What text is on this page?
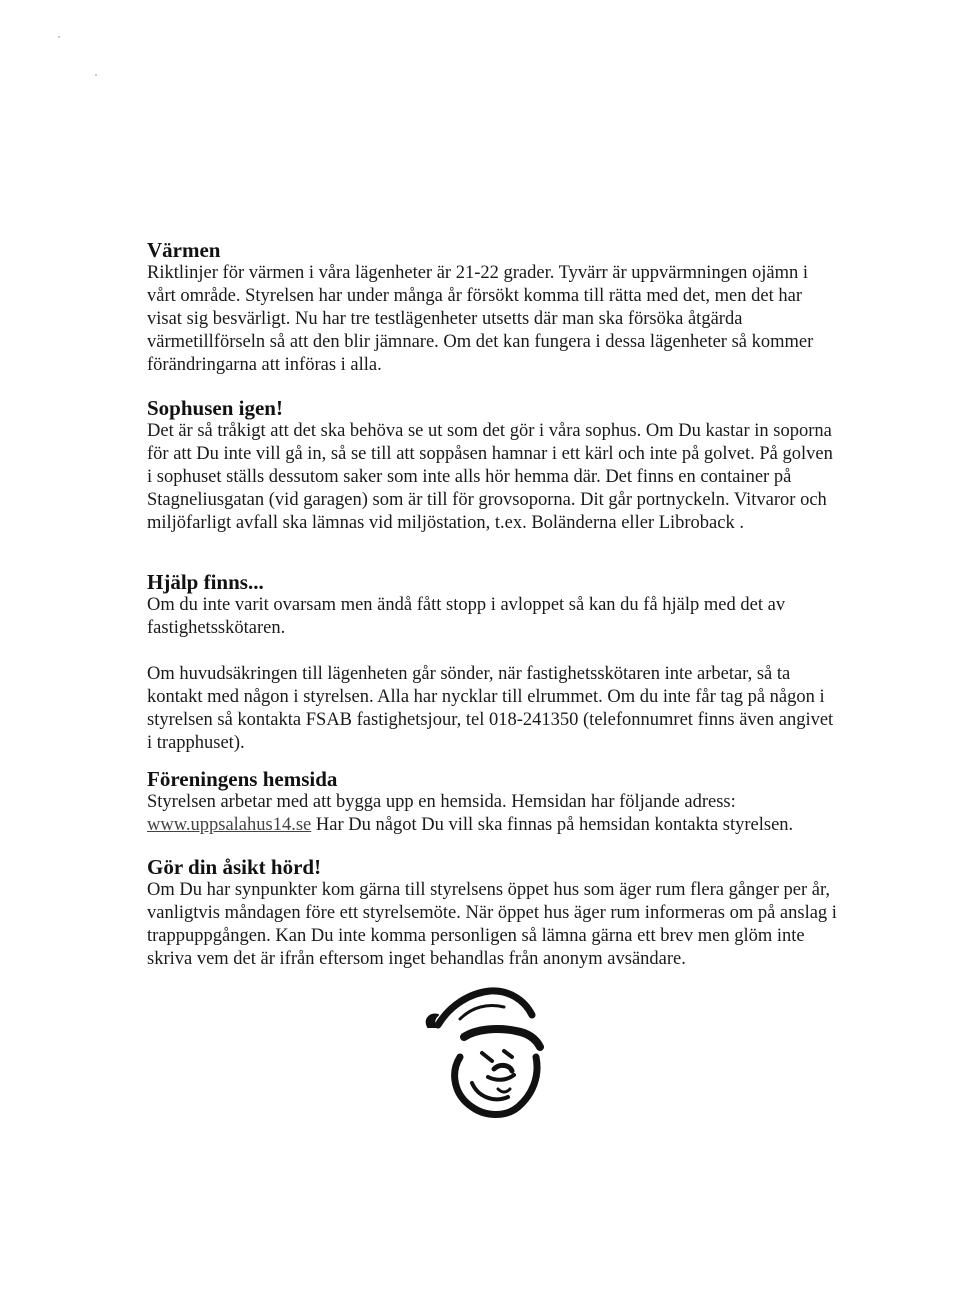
Värmen

Riktlinjer för värmen i våra lägenheter är 21-22 grader. Tyvärr är uppvärmningen ojämn i vårt område. Styrelsen har under många år försökt komma till rätta med det, men det har visat sig besvärligt. Nu har tre testlägenheter utsetts där man ska försöka åtgärda värmetillförseln så att den blir jämnare. Om det kan fungera i dessa lägenheter så kommer förändringarna att införas i alla.

Sophusen igen!

Det är så tråkigt att det ska behöva se ut som det gör i våra sophus. Om Du kastar in soporna för att Du inte vill gå in, så se till att soppåsen hamnar i ett kärl och inte på golvet. På golven i sophuset ställs dessutom saker som inte alls hör hemma där. Det finns en container på Stagneliusgatan (vid garagen) som är till för grovsoporna. Dit går portnyckeln. Vitvaror och miljöfarligt avfall ska lämnas vid miljöstation, t.ex. Boländerna eller Libroback .

Hjälp finns...

Om du inte varit ovarsam men ändå fått stopp i avloppet så kan du få hjälp med det av fastighetsskötaren.

Om huvudsäkringen till lägenheten går sönder, när fastighetsskötaren inte arbetar, så ta kontakt med någon i styrelsen. Alla har nycklar till elrummet. Om du inte får tag på någon i styrelsen så kontakta FSAB fastighetsjour, tel 018-241350 (telefonnumret finns även angivet i trapphuset).

Föreningens hemsida

Styrelsen arbetar med att bygga upp en hemsida. Hemsidan har följande adress: www.uppsalahus14.se Har Du något Du vill ska finnas på hemsidan kontakta styrelsen.

Gör din åsikt hörd!

Om Du har synpunkter kom gärna till styrelsens öppet hus som äger rum flera gånger per år, vanligtvis måndagen före ett styrelsemöte. När öppet hus äger rum informeras om på anslag i trappuppgången. Kan Du inte komma personligen så lämna gärna ett brev men glöm inte skriva vem det är ifrån eftersom inget behandlas från anonym avsändare.
